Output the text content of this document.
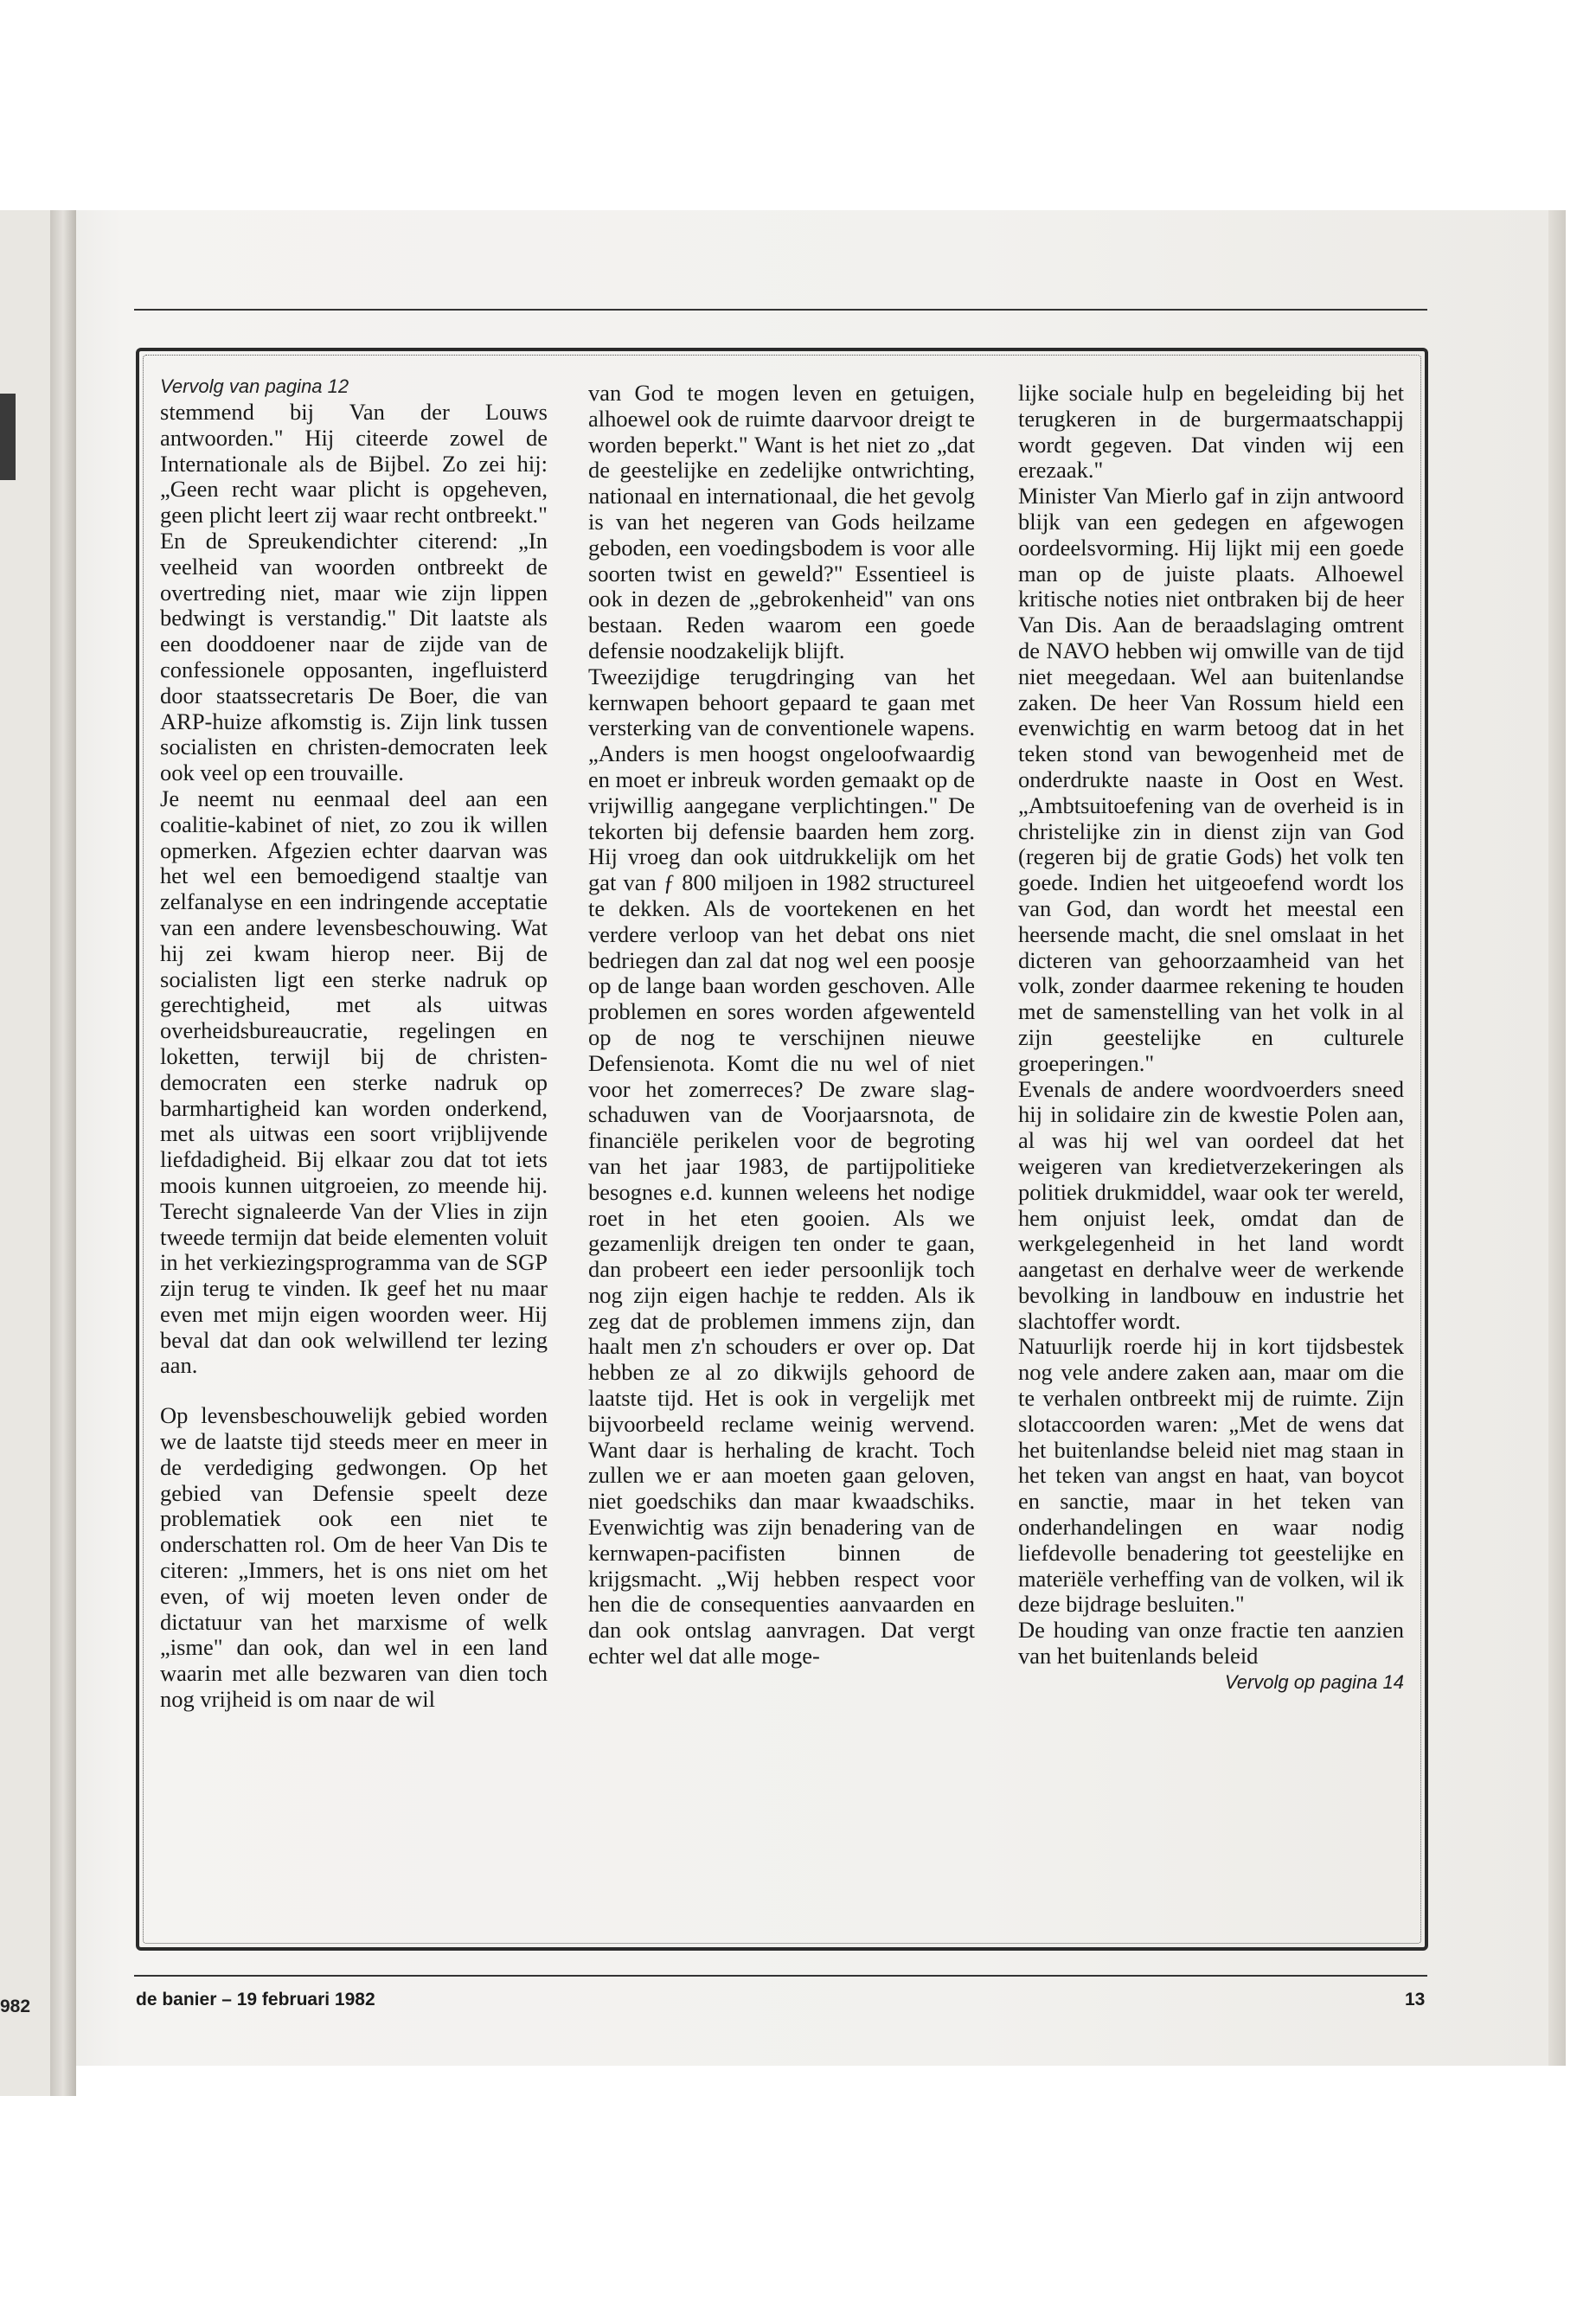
982

Vervolg van pagina 12

stemmend bij Van der Louws antwoorden." Hij citeerde zowel de Internationale als de Bijbel. Zo zei hij: „Geen recht waar plicht is opgeheven, geen plicht leert zij waar recht ontbreekt." En de Spreukendichter citerend: „In veelheid van woorden ontbreekt de overtreding niet, maar wie zijn lippen bedwingt is verstandig." Dit laatste als een dooddoener naar de zijde van de confessionele opposanten, ingefluisterd door staatssecretaris De Boer, die van ARP-huize afkomstig is. Zijn link tussen socialisten en christen-democraten leek ook veel op een trouvaille.

Je neemt nu eenmaal deel aan een coalitie-kabinet of niet, zo zou ik willen opmerken. Afgezien echter daarvan was het wel een bemoedigend staaltje van zelfanalyse en een indringende acceptatie van een andere levensbeschouwing. Wat hij zei kwam hierop neer. Bij de socialisten ligt een sterke nadruk op gerechtigheid, met als uitwas overheidsbureaucratie, regelingen en loketten, terwijl bij de christen-democraten een sterke nadruk op barmhartigheid kan worden onderkend, met als uitwas een soort vrijblijvende liefdadigheid. Bij elkaar zou dat tot iets moois kunnen uitgroeien, zo meende hij. Terecht signaleerde Van der Vlies in zijn tweede termijn dat beide elementen voluit in het verkiezingsprogramma van de SGP zijn terug te vinden. Ik geef het nu maar even met mijn eigen woorden weer. Hij beval dat dan ook welwillend ter lezing aan.

Op levensbeschouwelijk gebied worden we de laatste tijd steeds meer en meer in de verdediging gedwongen. Op het gebied van Defensie speelt deze problematiek ook een niet te onderschatten rol. Om de heer Van Dis te citeren: „Immers, het is ons niet om het even, of wij moeten leven onder de dictatuur van het marxisme of welk „isme" dan ook, dan wel in een land waarin met alle bezwaren van dien toch nog vrijheid is om naar de wil

van God te mogen leven en getuigen, alhoewel ook de ruimte daarvoor dreigt te worden beperkt." Want is het niet zo „dat de geestelijke en zedelijke ontwrichting, nationaal en internationaal, die het gevolg is van het negeren van Gods heilzame geboden, een voedingsbodem is voor alle soorten twist en geweld?" Essentieel is ook in dezen de „gebrokenheid" van ons bestaan. Reden waarom een goede defensie noodzakelijk blijft.

Tweezijdige terugdringing van het kernwapen behoort gepaard te gaan met versterking van de conventionele wapens. „Anders is men hoogst ongeloofwaardig en moet er inbreuk worden gemaakt op de vrijwillig aangegane verplichtingen." De tekorten bij defensie baarden hem zorg. Hij vroeg dan ook uitdrukkelijk om het gat van ƒ 800 miljoen in 1982 structureel te dekken. Als de voortekenen en het verdere verloop van het debat ons niet bedriegen dan zal dat nog wel een poosje op de lange baan worden geschoven. Alle problemen en sores worden afgewenteld op de nog te verschijnen nieuwe Defensienota. Komt die nu wel of niet voor het zomerreces? De zware slag-schaduwen van de Voorjaarsnota, de financiële perikelen voor de begroting van het jaar 1983, de partijpolitieke besognes e.d. kunnen weleens het nodige roet in het eten gooien. Als we gezamenlijk dreigen ten onder te gaan, dan probeert een ieder persoonlijk toch nog zijn eigen hachje te redden. Als ik zeg dat de problemen immens zijn, dan haalt men z'n schouders er over op. Dat hebben ze al zo dikwijls gehoord de laatste tijd. Het is ook in vergelijk met bijvoorbeeld reclame weinig wervend. Want daar is herhaling de kracht. Toch zullen we er aan moeten gaan geloven, niet goedschiks dan maar kwaadschiks. Evenwichtig was zijn benadering van de kernwapen-pacifisten binnen de krijgsmacht. „Wij hebben respect voor hen die de consequenties aanvaarden en dan ook ontslag aanvragen. Dat vergt echter wel dat alle moge-

lijke sociale hulp en begeleiding bij het terugkeren in de burgermaatschappij wordt gegeven. Dat vinden wij een erezaak."

Minister Van Mierlo gaf in zijn antwoord blijk van een gedegen en afgewogen oordeelsvorming. Hij lijkt mij een goede man op de juiste plaats. Alhoewel kritische noties niet ontbraken bij de heer Van Dis. Aan de beraadslaging omtrent de NAVO hebben wij omwille van de tijd niet meegedaan. Wel aan buitenlandse zaken. De heer Van Rossum hield een evenwichtig en warm betoog dat in het teken stond van bewogenheid met de onderdrukte naaste in Oost en West. „Ambtsuitoefening van de overheid is in christelijke zin in dienst zijn van God (regeren bij de gratie Gods) het volk ten goede. Indien het uitgeoefend wordt los van God, dan wordt het meestal een heersende macht, die snel omslaat in het dicteren van gehoorzaamheid van het volk, zonder daarmee rekening te houden met de samenstelling van het volk in al zijn geestelijke en culturele groeperingen."

Evenals de andere woordvoerders sneed hij in solidaire zin de kwestie Polen aan, al was hij wel van oordeel dat het weigeren van kredietverzekeringen als politiek drukmiddel, waar ook ter wereld, hem onjuist leek, omdat dan de werkgelegenheid in het land wordt aangetast en derhalve weer de werkende bevolking in landbouw en industrie het slachtoffer wordt.

Natuurlijk roerde hij in kort tijdsbestek nog vele andere zaken aan, maar om die te verhalen ontbreekt mij de ruimte. Zijn slotaccoorden waren: „Met de wens dat het buitenlandse beleid niet mag staan in het teken van angst en haat, van boycot en sanctie, maar in het teken van onderhandelingen en waar nodig liefdevolle benadering tot geestelijke en materiële verheffing van de volken, wil ik deze bijdrage besluiten."

De houding van onze fractie ten aanzien van het buitenlands beleid

Vervolg op pagina 14

de banier – 19 februari 1982	13
